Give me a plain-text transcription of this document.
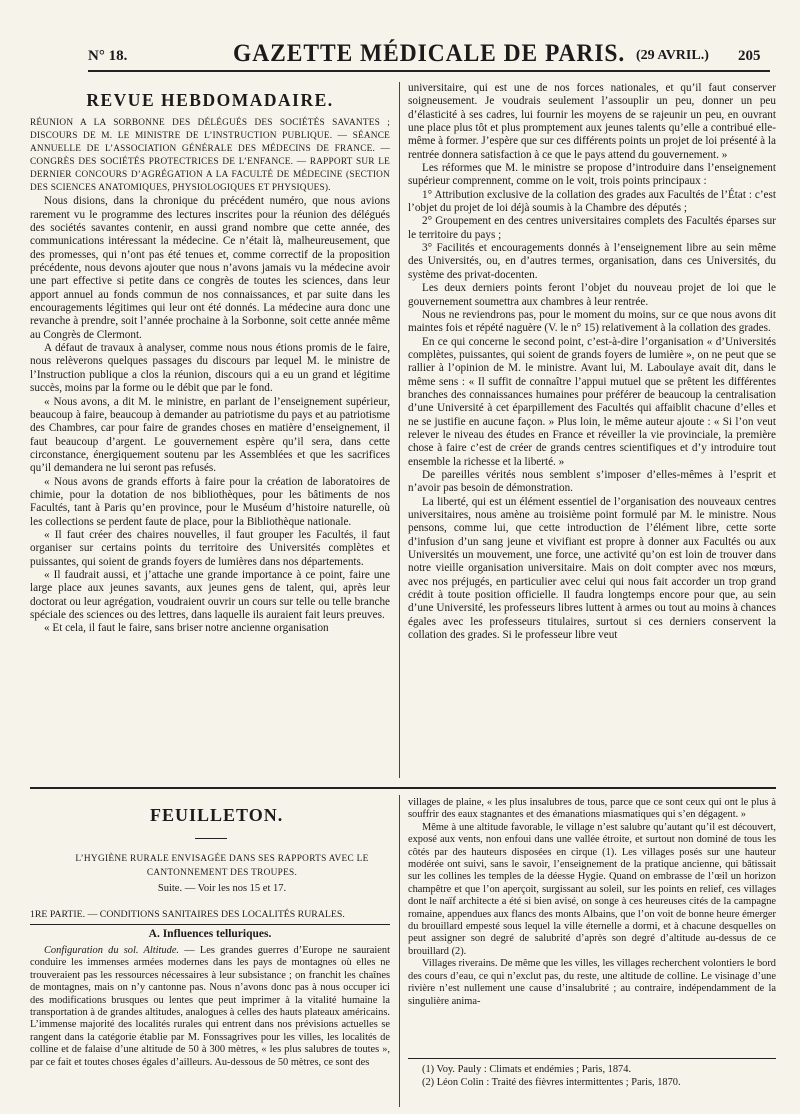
N° 18.	GAZETTE MÉDICALE DE PARIS. (29 AVRIL.) 205
REVUE HEBDOMADAIRE.

RÉUNION A LA SORBONNE DES DÉLÉGUÉS DES SOCIÉTÉS SAVANTES ; DISCOURS DE M. LE MINISTRE DE L’INSTRUCTION PUBLIQUE. — SÉANCE ANNUELLE DE L’ASSOCIATION GÉNÉRALE DES MÉDECINS DE FRANCE. — CONGRÈS DES SOCIÉTÉS PROTECTRICES DE L’ENFANCE. — RAPPORT SUR LE DERNIER CONCOURS D’AGRÉGATION A LA FACULTÉ DE MÉDECINE (SECTION DES SCIENCES ANATOMIQUES, PHYSIOLOGIQUES ET PHYSIQUES).

Nous disions, dans la chronique du précédent numéro, que nous avions rarement vu le programme des lectures inscrites pour la réunion des délégués des sociétés savantes contenir, en aussi grand nombre que cette année, des communications intéressant la médecine. Ce n’était là, malheureusement, que des promesses, qui n’ont pas été tenues et, comme correctif de la proposition précédente, nous devons ajouter que nous n’avons jamais vu la médecine avoir une part effective si petite dans ce congrès de toutes les sciences, dans leur apport annuel au fonds commun de nos connaissances, et par suite dans les encouragements légitimes qui leur ont été donnés. La médecine aura donc une revanche à prendre, soit l’année prochaine à la Sorbonne, soit cette année même au Congrès de Clermont.

A défaut de travaux à analyser, comme nous nous étions promis de le faire, nous relèverons quelques passages du discours par lequel M. le ministre de l’Instruction publique a clos la réunion, discours qui a eu un grand et légitime succès, moins par la forme ou le débit que par le fond.

« Nous avons, a dit M. le ministre, en parlant de l’enseignement supérieur, beaucoup à faire, beaucoup à demander au patriotisme du pays et au patriotisme des Chambres, car pour faire de grandes choses en matière d’enseignement, il faut beaucoup d’argent. Le gouvernement espère qu’il sera, dans cette circonstance, énergiquement soutenu par les Assemblées et que les sacrifices qu’il demandera ne lui seront pas refusés.

« Nous avons de grands efforts à faire pour la création de laboratoires de chimie, pour la dotation de nos bibliothèques, pour les bâtiments de nos Facultés, tant à Paris qu’en province, pour le Muséum d’histoire naturelle, où les collections se perdent faute de place, pour la Bibliothèque nationale.

« Il faut créer des chaires nouvelles, il faut grouper les Facultés, il faut organiser sur certains points du territoire des Universités complètes et puissantes, qui soient de grands foyers de lumières dans nos départements.

« Il faudrait aussi, et j’attache une grande importance à ce point, faire une large place aux jeunes savants, aux jeunes gens de talent, qui, après leur doctorat ou leur agrégation, voudraient ouvrir un cours sur telle ou telle branche spéciale des sciences ou des lettres, dans laquelle ils auraient fait leurs preuves.

« Et cela, il faut le faire, sans briser notre ancienne organisation

universitaire, qui est une de nos forces nationales, et qu’il faut conserver soigneusement. Je voudrais seulement l’assouplir un peu, donner un peu d’élasticité à ses cadres, lui fournir les moyens de se rajeunir un peu, en ouvrant une place plus tôt et plus promptement aux jeunes talents qu’elle a contribué elle-même à former. J’espère que sur ces différents points un projet de loi présenté à la rentrée donnera satisfaction à ce que le pays attend du gouvernement. »

Les réformes que M. le ministre se propose d’introduire dans l’enseignement supérieur comprennent, comme on le voit, trois points principaux :

1° Attribution exclusive de la collation des grades aux Facultés de l’État : c’est l’objet du projet de loi déjà soumis à la Chambre des députés ;

2° Groupement en des centres universitaires complets des Facultés éparses sur le territoire du pays ;

3° Facilités et encouragements donnés à l’enseignement libre au sein même des Universités, ou, en d’autres termes, organisation, dans ces Universités, du système des privat-docenten.

Les deux derniers points feront l’objet du nouveau projet de loi que le gouvernement soumettra aux chambres à leur rentrée.

Nous ne reviendrons pas, pour le moment du moins, sur ce que nous avons dit maintes fois et répété naguère (V. le n° 15) relativement à la collation des grades.

En ce qui concerne le second point, c’est-à-dire l’organisation « d’Universités complètes, puissantes, qui soient de grands foyers de lumière », on ne peut que se rallier à l’opinion de M. le ministre. Avant lui, M. Laboulaye avait dit, dans le même sens : « Il suffit de connaître l’appui mutuel que se prêtent les différentes branches des connaissances humaines pour préférer de beaucoup la centralisation d’une Université à cet éparpillement des Facultés qui affaiblit chacune d’elles et ne se justifie en aucune façon. » Plus loin, le même auteur ajoute : « Si l’on veut relever le niveau des études en France et réveiller la vie provinciale, la première chose à faire c’est de créer de grands centres scientifiques et d’y introduire tout ensemble la richesse et la liberté. »

De pareilles vérités nous semblent s’imposer d’elles-mêmes à l’esprit et n’avoir pas besoin de démonstration.

La liberté, qui est un élément essentiel de l’organisation des nouveaux centres universitaires, nous amène au troisième point formulé par M. le ministre. Nous pensons, comme lui, que cette introduction de l’élément libre, cette sorte d’infusion d’un sang jeune et vivifiant est propre à donner aux Facultés ou aux Universités un mouvement, une force, une activité qu’on est loin de trouver dans notre vieille organisation universitaire. Mais on doit compter avec nos mœurs, avec nos préjugés, en particulier avec celui qui nous fait accorder un trop grand crédit à toute position officielle. Il faudra longtemps encore pour que, au sein d’une Université, les professeurs libres luttent à armes ou tout au moins à chances égales avec les professeurs titulaires, surtout si ces derniers conservent la collation des grades. Si le professeur libre veut

FEUILLETON.
L’HYGIÈNE RURALE ENVISAGÉE DANS SES RAPPORTS AVEC LE CANTONNEMENT DES TROUPES.
Suite. — Voir les nos 15 et 17.
1RE PARTIE. — CONDITIONS SANITAIRES DES LOCALITÉS RURALES.
A. Influences telluriques.

Configuration du sol. Altitude. — Les grandes guerres d’Europe ne sauraient conduire les immenses armées modernes dans les pays de montagnes où elles ne trouveraient pas les ressources nécessaires à leur subsistance ; on franchit les chaînes de montagnes, mais on n’y cantonne pas. Nous n’avons donc pas à nous occuper ici des modifications brusques ou lentes que peut imprimer à la vitalité humaine la transportation à de grandes altitudes, analogues à celles des hauts plateaux américains. L’immense majorité des localités rurales qui entrent dans nos prévisions actuelles se rangent dans la catégorie établie par M. Fonssagrives pour les villes, les localités de colline et de falaise d’une altitude de 50 à 300 mètres, « les plus salubres de toutes », par ce fait et toutes choses égales d’ailleurs. Au-dessous de 50 mètres, ce sont des

villages de plaine, « les plus insalubres de tous, parce que ce sont ceux qui ont le plus à souffrir des eaux stagnantes et des émanations miasmatiques qui s’en dégagent. »

Même à une altitude favorable, le village n’est salubre qu’autant qu’il est découvert, exposé aux vents, non enfoui dans une vallée étroite, et surtout non dominé de tous les côtés par des hauteurs disposées en cirque (1). Les villages posés sur une hauteur modérée ont suivi, sans le savoir, l’enseignement de la pratique ancienne, qui bâtissait sur les collines les temples de la déesse Hygie. Quand on embrasse de l’œil un horizon champêtre et que l’on aperçoit, surgissant au soleil, sur les points en relief, ces villages dont le naïf architecte a été si bien avisé, on songe à ces heureuses cités de la campagne romaine, appendues aux flancs des monts Albains, que l’on voit de bonne heure émerger du brouillard empesté sous lequel la ville éternelle a dormi, et à chacune desquelles on peut assigner son degré de salubrité d’après son degré d’altitude au-dessus de ce brouillard (2).

Villages riverains. De même que les villes, les villages recherchent volontiers le bord des cours d’eau, ce qui n’exclut pas, du reste, une altitude de colline. Le visinage d’une rivière n’est nullement une cause d’insalubrité ; au contraire, indépendamment de la singulière anima-

(1) Voy. Pauly : Climats et endémies ; Paris, 1874.
(2) Léon Colin : Traité des fièvres intermittentes ; Paris, 1870.
